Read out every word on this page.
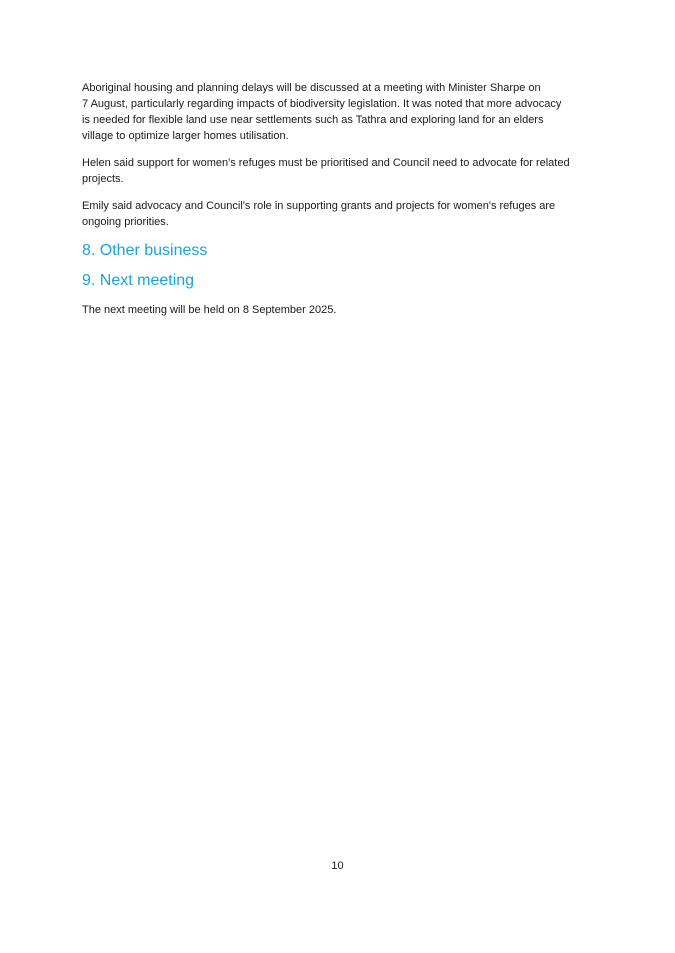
Aboriginal housing and planning delays will be discussed at a meeting with Minister Sharpe on
7 August, particularly regarding impacts of biodiversity legislation. It was noted that more advocacy
is needed for flexible land use near settlements such as Tathra and exploring land for an elders
village to optimize larger homes utilisation.

Helen said support for women's refuges must be prioritised and Council need to advocate for related
projects.

Emily said advocacy and Council's role in supporting grants and projects for women's refuges are
ongoing priorities.

8. Other business
9. Next meeting

The next meeting will be held on 8 September 2025.

10
